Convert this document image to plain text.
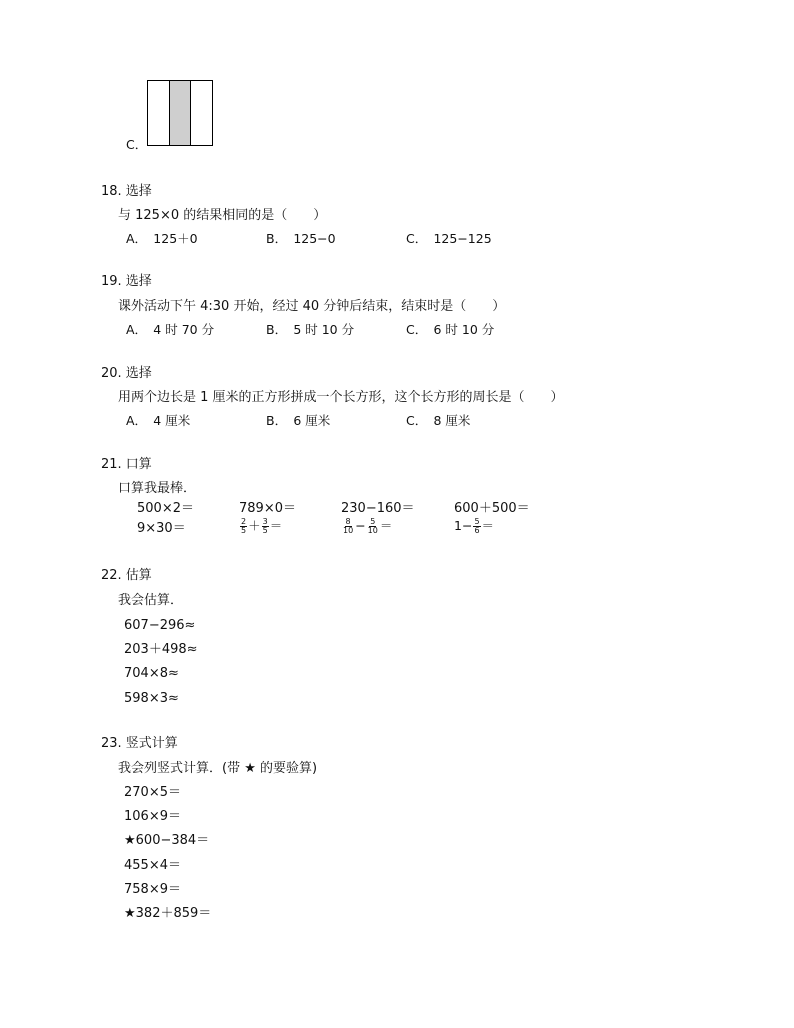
C．
18. 选择
与 125×0 的结果相同的是（　　）
A．　125＋0	B．　125−0	C．　125−125
19. 选择
课外活动下午 4:30 开始，经过 40 分钟后结束，结束时是（　　）
A．　4 时 70 分	B．　5 时 10 分	C．　6 时 10 分
20. 选择
用两个边长是 1 厘米的正方形拼成一个长方形，这个长方形的周长是（　　）
A．　4 厘米	B．　6 厘米	C．　8 厘米
21. 口算
口算我最棒．
500×2＝	789×0＝	230−160＝	600＋500＝
9×30＝	$\frac{2}{5} + \frac{3}{5}$ ＝	$\frac{8}{10} - \frac{5}{10}$ ＝	$1- \frac{5}{6}$ ＝
22. 估算
我会估算．
607−296≈
203＋498≈
704×8≈
598×3≈
23. 竖式计算
我会列竖式计算．(带 ★ 的要验算)
270×5＝
106×9＝
★600−384＝
455×4＝
758×9＝
★382＋859＝
